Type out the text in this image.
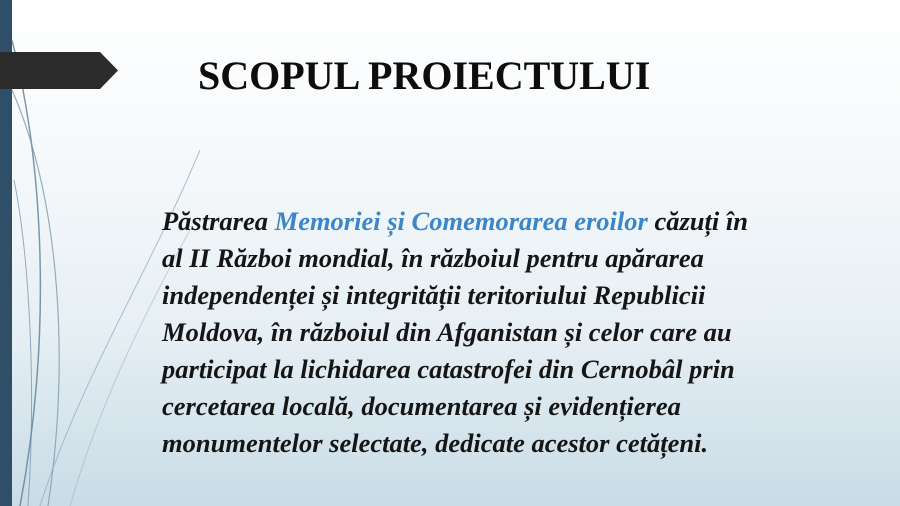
SCOPUL PROIECTULUI
Păstrarea Memoriei și Comemorarea eroilor căzuți în
al II Război mondial, în războiul pentru apărarea
independenței și integrității teritoriului Republicii
Moldova, în războiul din Afganistan și celor care au
participat la lichidarea catastrofei din Cernobâl prin
cercetarea locală, documentarea și evidențierea
monumentelor selectate, dedicate acestor cetățeni.
